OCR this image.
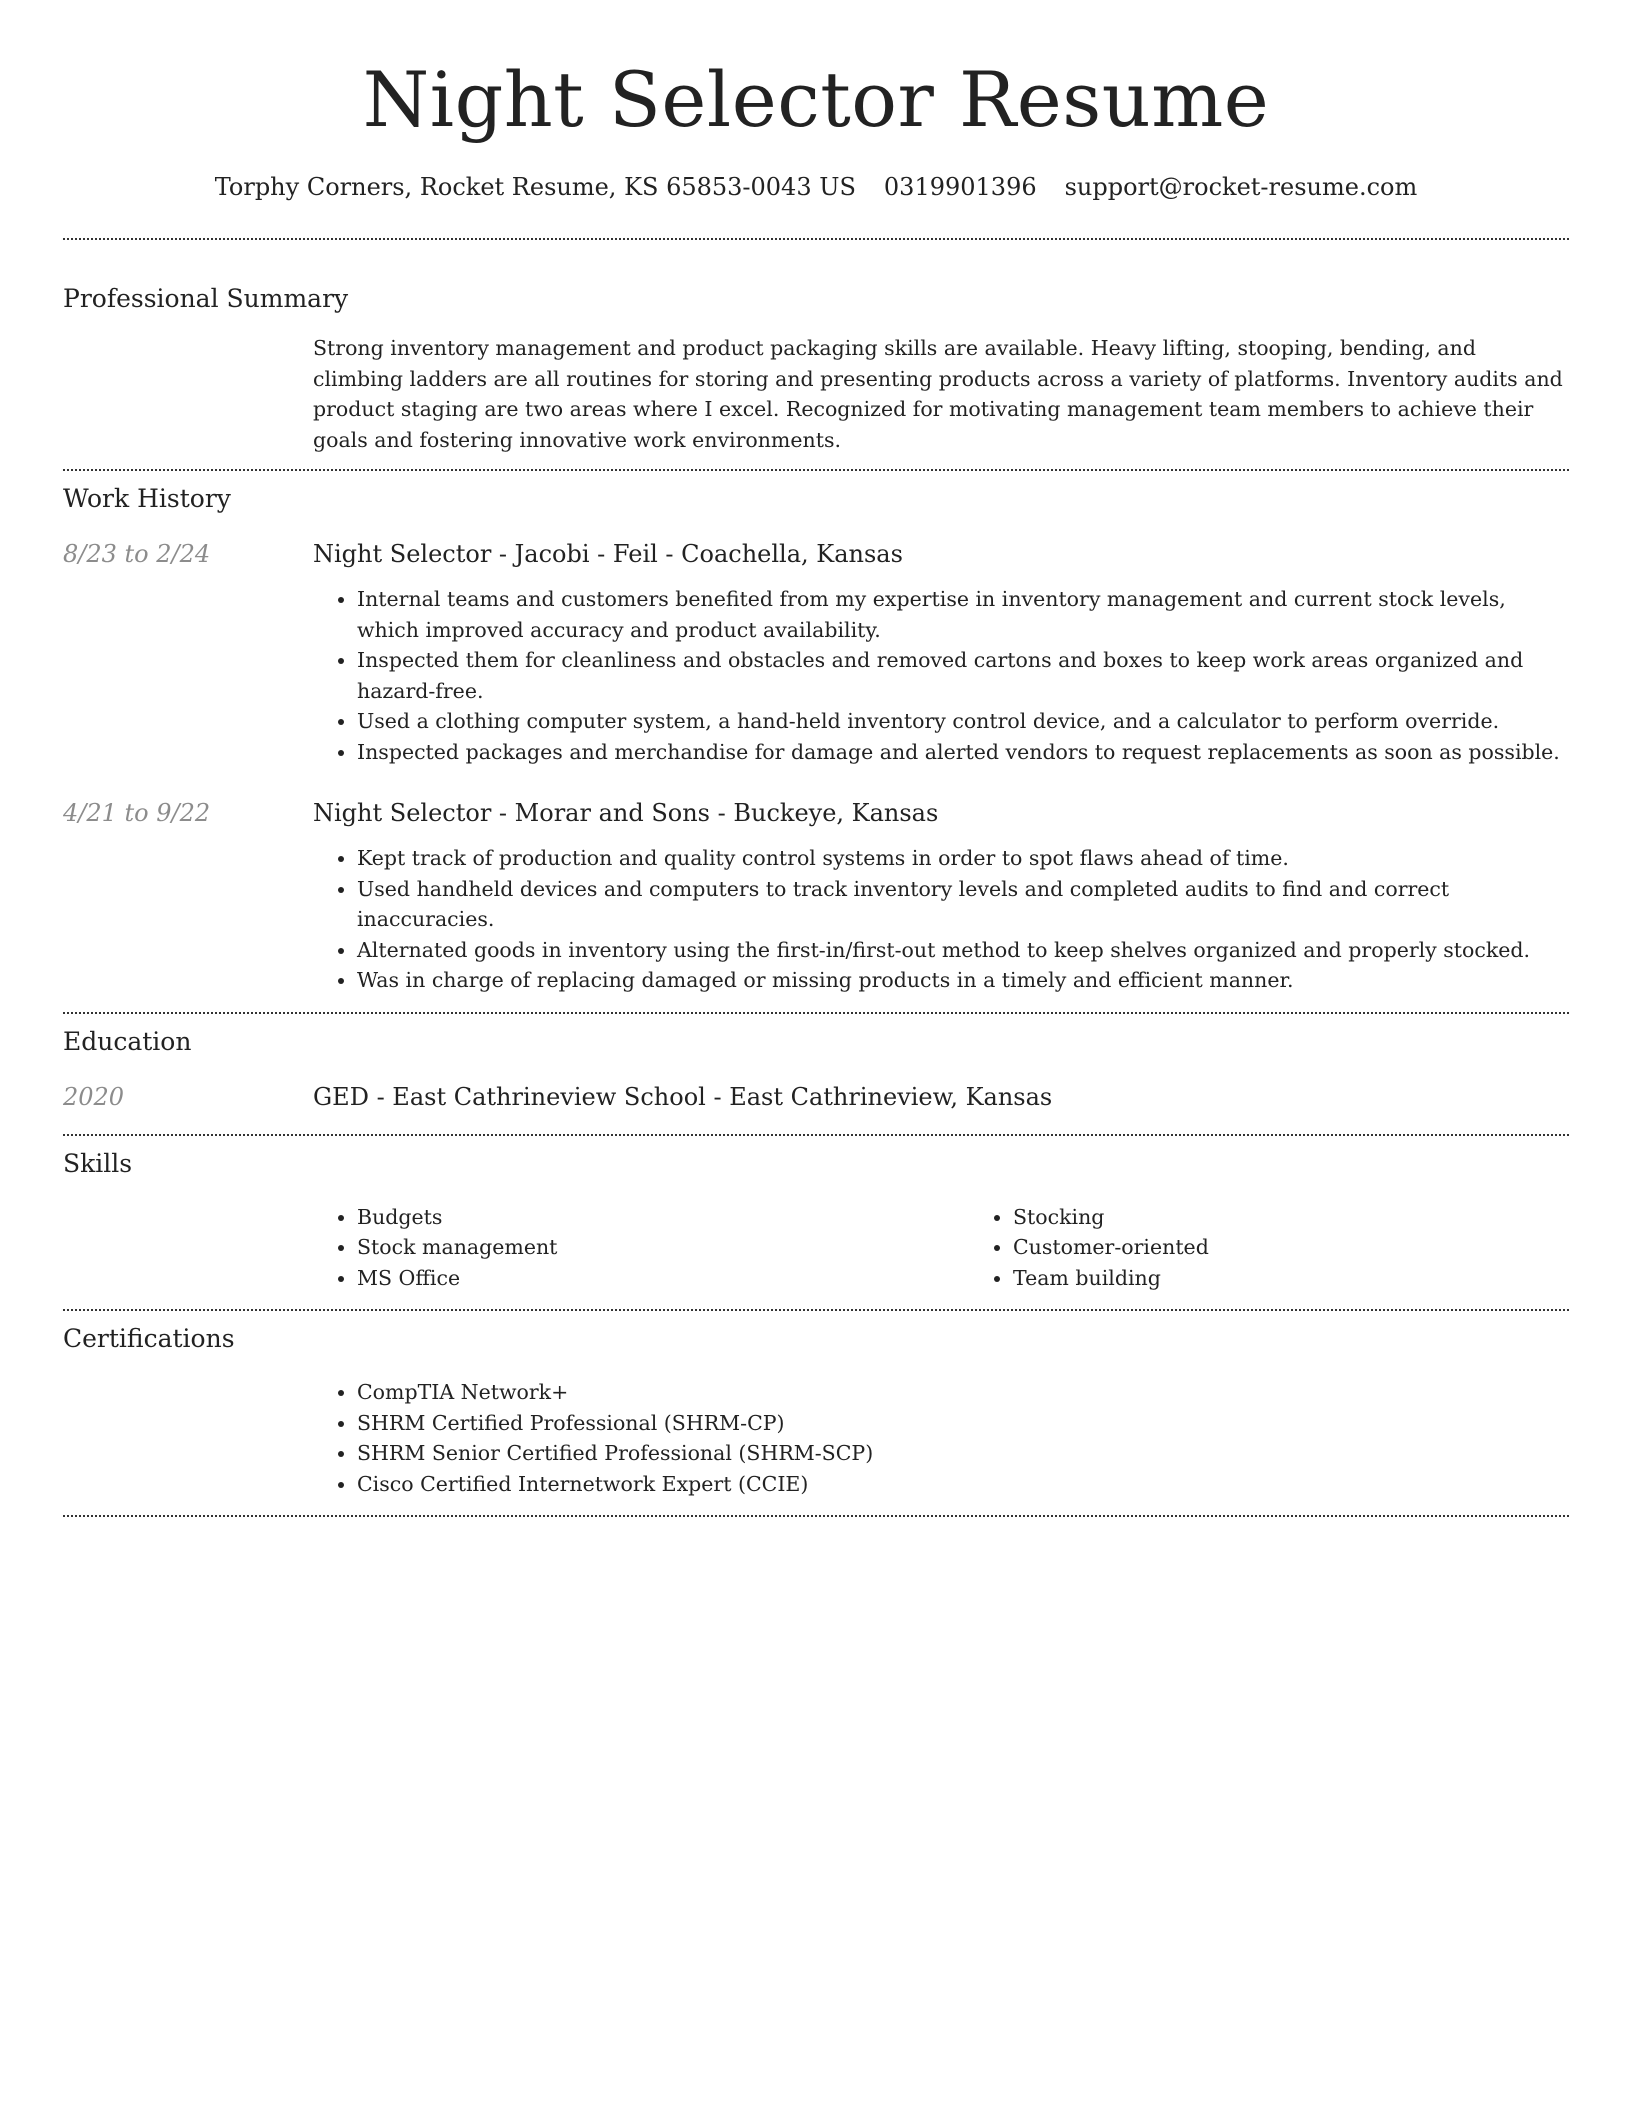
Night Selector Resume
Torphy Corners, Rocket Resume, KS 65853-0043 US 0319901396 support@rocket-resume.com
Professional Summary

Strong inventory management and product packaging skills are available. Heavy lifting, stooping, bending, and climbing ladders are all routines for storing and presenting products across a variety of platforms. Inventory audits and product staging are two areas where I excel. Recognized for motivating management team members to achieve their goals and fostering innovative work environments.

Work History
8/23 to 2/24	Night Selector - Jacobi - Feil - Coachella, Kansas
• Internal teams and customers benefited from my expertise in inventory management and current stock levels, which improved accuracy and product availability.
• Inspected them for cleanliness and obstacles and removed cartons and boxes to keep work areas organized and hazard-free.
• Used a clothing computer system, a hand-held inventory control device, and a calculator to perform override.
• Inspected packages and merchandise for damage and alerted vendors to request replacements as soon as possible.
4/21 to 9/22	Night Selector - Morar and Sons - Buckeye, Kansas
• Kept track of production and quality control systems in order to spot flaws ahead of time.
• Used handheld devices and computers to track inventory levels and completed audits to find and correct inaccuracies.
• Alternated goods in inventory using the first-in/first-out method to keep shelves organized and properly stocked.
• Was in charge of replacing damaged or missing products in a timely and efficient manner.
Education
2020	GED - East Cathrineview School - East Cathrineview, Kansas
Skills
• Budgets
• Stock management
• MS Office
• Stocking
• Customer-oriented
• Team building
Certifications
• CompTIA Network+
• SHRM Certified Professional (SHRM-CP)
• SHRM Senior Certified Professional (SHRM-SCP)
• Cisco Certified Internetwork Expert (CCIE)
